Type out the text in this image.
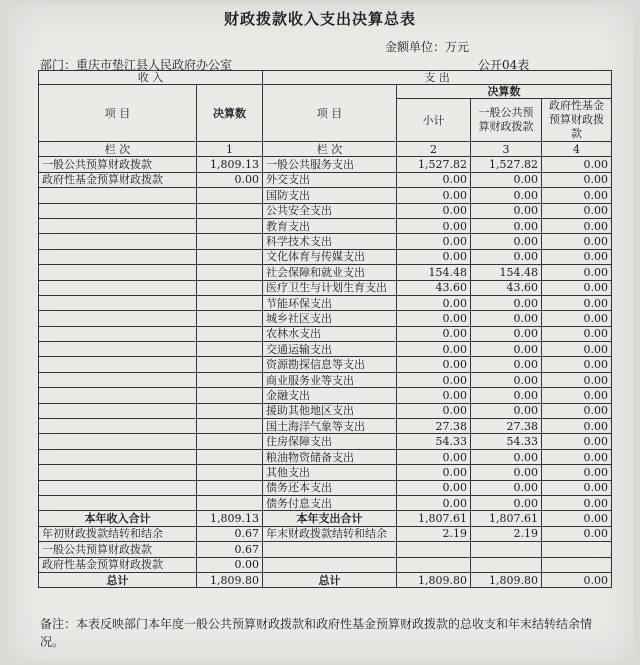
财政拨款收入支出决算总表
金额单位：万元
部门：重庆市垫江县人民政府办公室	公开04表
收 入		支 出			
项 目	决算数	项 目	决算数		
			小计	一般公共预算财政拨款	政府性基金预算财政拨款
栏 次	1	栏 次	2	3	4
一般公共预算财政拨款	1,809.13	一般公共服务支出	1,527.82	1,527.82	0.00
政府性基金预算财政拨款	0.00	外交支出	0.00	0.00	0.00
		国防支出	0.00	0.00	0.00
		公共安全支出	0.00	0.00	0.00
		教育支出	0.00	0.00	0.00
		科学技术支出	0.00	0.00	0.00
		文化体育与传媒支出	0.00	0.00	0.00
		社会保障和就业支出	154.48	154.48	0.00
		医疗卫生与计划生育支出	43.60	43.60	0.00
		节能环保支出	0.00	0.00	0.00
		城乡社区支出	0.00	0.00	0.00
		农林水支出	0.00	0.00	0.00
		交通运输支出	0.00	0.00	0.00
		资源勘探信息等支出	0.00	0.00	0.00
		商业服务业等支出	0.00	0.00	0.00
		金融支出	0.00	0.00	0.00
		援助其他地区支出	0.00	0.00	0.00
		国土海洋气象等支出	27.38	27.38	0.00
		住房保障支出	54.33	54.33	0.00
		粮油物资储备支出	0.00	0.00	0.00
		其他支出	0.00	0.00	0.00
		债务还本支出	0.00	0.00	0.00
		债务付息支出	0.00	0.00	0.00
本年收入合计	1,809.13	本年支出合计	1,807.61	1,807.61	0.00
年初财政拨款结转和结余	0.67	年末财政拨款结转和结余	2.19	2.19	0.00
一般公共预算财政拨款	0.67				
政府性基金预算财政拨款	0.00				
总计	1,809.80	总计	1,809.80	1,809.80	0.00
备注：本表反映部门本年度一般公共预算财政拨款和政府性基金预算财政拨款的总收支和年末结转结余情况。
